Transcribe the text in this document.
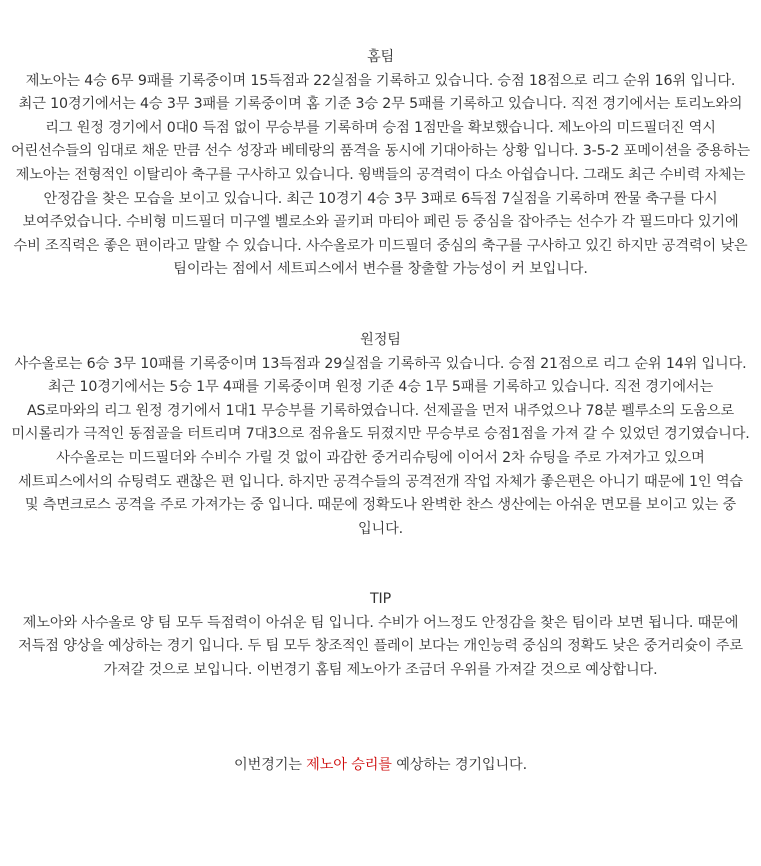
홈팀
제노아는 4승 6무 9패를 기록중이며 15득점과 22실점을 기록하고 있습니다. 승점 18점으로 리그 순위 16위 입니다. 최근 10경기에서는 4승 3무 3패를 기록중이며 홈 기준 3승 2무 5패를 기록하고 있습니다. 직전 경기에서는 토리노와의 리그 원정 경기에서 0대0 득점 없이 무승부를 기록하며 승점 1점만을 확보했습니다. 제노아의 미드필더진 역시 어린선수들의 임대로 채운 만큼 선수 성장과 베테랑의 품격을 동시에 기대아하는 상황 입니다. 3-5-2 포메이션을 중용하는 제노아는 전형적인 이탈리아 축구를 구사하고 있습니다. 윙백들의 공격력이 다소 아쉽습니다. 그래도 최근 수비력 자체는 안정감을 찾은 모습을 보이고 있습니다. 최근 10경기 4승 3무 3패로 6득점 7실점을 기록하며 짠물 축구를 다시 보여주었습니다. 수비형 미드필더 미구엘 벨로소와 골키퍼 마티아 페린 등 중심을 잡아주는 선수가 각 필드마다 있기에 수비 조직력은 좋은 편이라고 말할 수 있습니다. 사수올로가 미드필더 중심의 축구를 구사하고 있긴 하지만 공격력이 낮은 팀이라는 점에서 세트피스에서 변수를 창출할 가능성이 커 보입니다.
원정팀
사수올로는 6승 3무 10패를 기록중이며 13득점과 29실점을 기록하곡 있습니다. 승점 21점으로 리그 순위 14위 입니다. 최근 10경기에서는 5승 1무 4패를 기록중이며 원정 기준 4승 1무 5패를 기록하고 있습니다. 직전 경기에서는 AS로마와의 리그 원정 경기에서 1대1 무승부를 기록하였습니다. 선제골을 먼저 내주었으나 78분 펠루소의 도움으로 미시롤리가 극적인 동점골을 터트리며 7대3으로 점유율도 뒤졌지만 무승부로 승점1점을 가져 갈 수 있었던 경기였습니다. 사수올로는 미드필더와 수비수 가릴 것 없이 과감한 중거리슈팅에 이어서 2차 슈팅을 주로 가져가고 있으며 세트피스에서의 슈팅력도 괜찮은 편 입니다. 하지만 공격수들의 공격전개 작업 자체가 좋은편은 아니기 때문에 1인 역습 및 측면크로스 공격을 주로 가져가는 중 입니다. 때문에 정확도나 완벽한 찬스 생산에는 아쉬운 면모를 보이고 있는 중 입니다.
TIP
제노아와 사수올로 양 팀 모두 득점력이 아쉬운 팀 입니다. 수비가 어느정도 안정감을 찾은 팀이라 보면 됩니다. 때문에 저득점 양상을 예상하는 경기 입니다. 두 팀 모두 창조적인 플레이 보다는 개인능력 중심의 정확도 낮은 중거리슛이 주로 가져갈 것으로 보입니다. 이번경기 홈팀 제노아가 조금더 우위를 가져갈 것으로 예상합니다.
이번경기는 제노아 승리를 예상하는 경기입니다.
